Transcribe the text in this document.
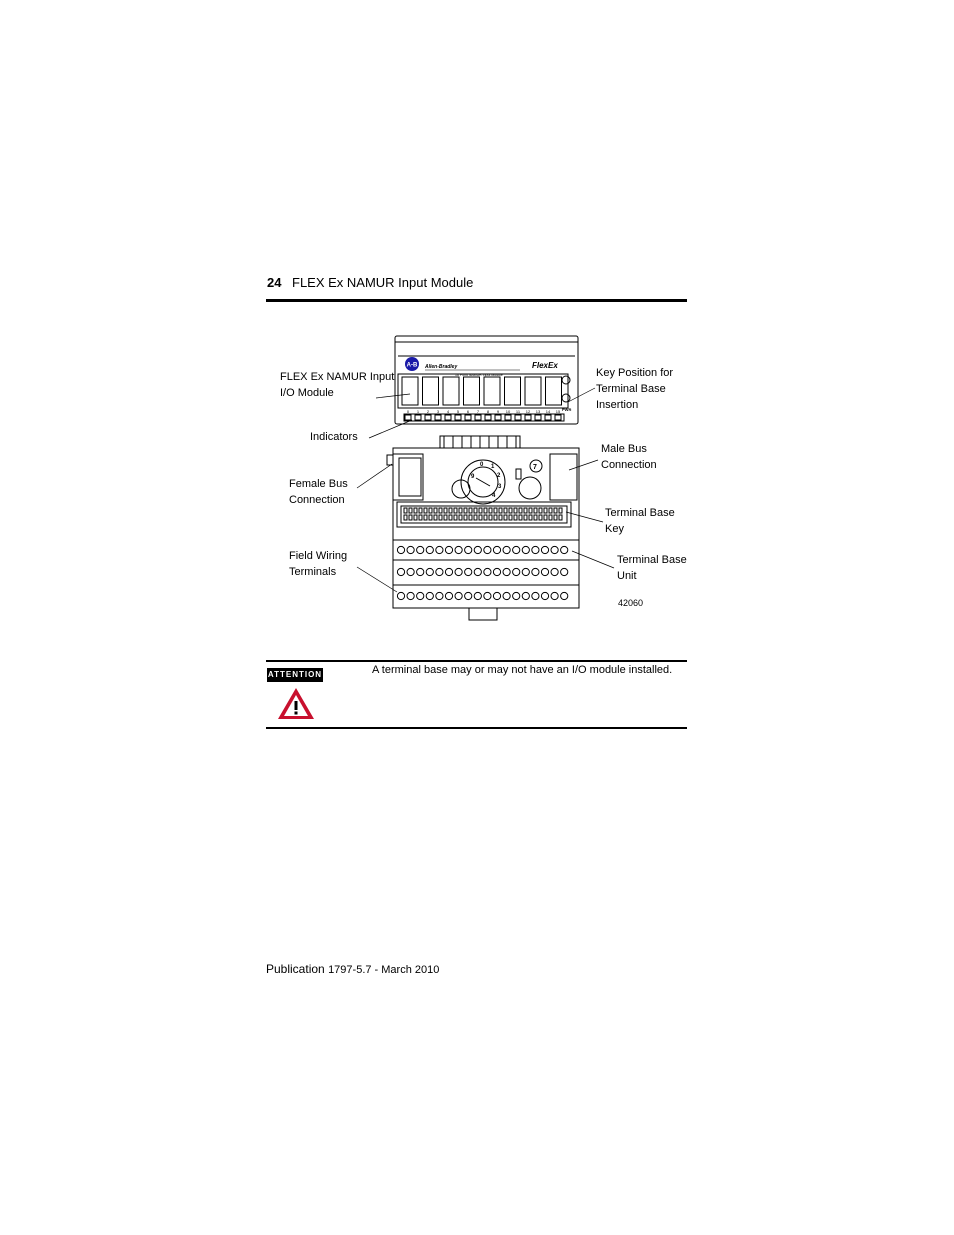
24 FLEX Ex NAMUR Input Module
A-B Allen-Bradley
16 Point NAMUR Input Module
FlexEx
PWR
0 1 2 3 4 5 6 7 8 9 10 11 12 13 14 15
9
0 1
2
3
4
7
FLEX Ex NAMUR Input
I/O Module
Indicators
Female Bus
Connection
Field Wiring
Terminals
Key Position for
Terminal Base
Insertion
Male Bus
Connection
Terminal Base
Key
Terminal Base
Unit
42060
ATTENTION	A terminal base may or may not have an I/O module installed.
Publication 1797-5.7 - March 2010
